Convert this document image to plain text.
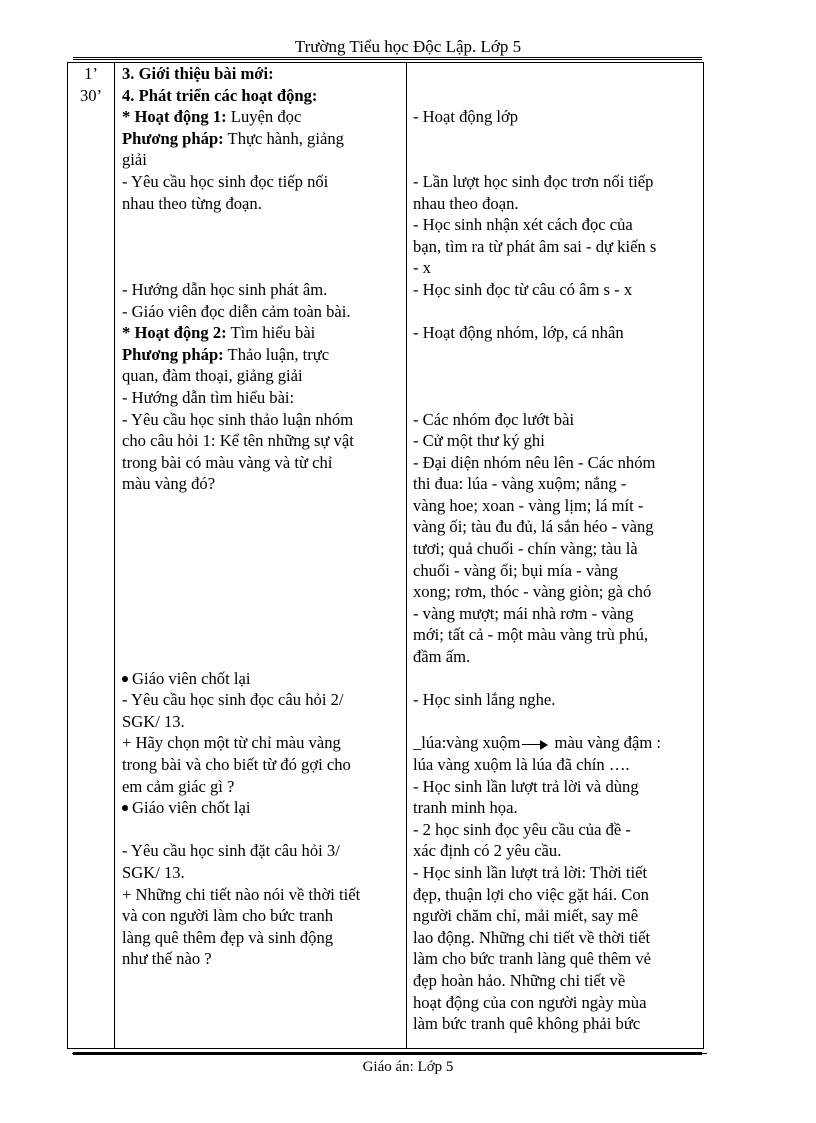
Trường Tiểu học Độc Lập. Lớp 5
1’
30’
3. Giới thiệu bài mới:
4. Phát triển các hoạt động:
* Hoạt động 1: Luyện đọc
Phương pháp: Thực hành, giảng
giải
- Yêu cầu học sinh đọc tiếp nối
nhau theo từng đoạn.
- Hướng dẫn học sinh phát âm.
- Giáo viên đọc diễn cảm toàn bài.
* Hoạt động 2: Tìm hiểu bài
Phương pháp: Thảo luận, trực
quan, đàm thoại, giảng giải
- Hướng dẫn tìm hiểu bài:
- Yêu cầu học sinh thảo luận nhóm
cho câu hỏi 1: Kể tên những sự vật
trong bài có màu vàng và từ chỉ
màu vàng đó?
Giáo viên chốt lại
- Yêu cầu học sinh đọc câu hỏi 2/
SGK/ 13.
+ Hãy chọn một từ chỉ màu vàng
trong bài và cho biết từ đó gợi cho
em cảm giác gì ?
Giáo viên chốt lại
- Yêu cầu học sinh đặt câu hỏi 3/
SGK/ 13.
+ Những chi tiết nào nói về thời tiết
và con người làm cho bức tranh
làng quê thêm đẹp và sinh động
như thế nào ?
- Hoạt động lớp
- Lần lượt học sinh đọc trơn nối tiếp
nhau theo đoạn.
- Học sinh nhận xét cách đọc của
bạn, tìm ra từ phát âm sai - dự kiến s
- x
- Học sinh đọc từ câu có âm s - x
- Hoạt động nhóm, lớp, cá nhân
- Các nhóm đọc lướt bài
- Cử một thư ký ghi
- Đại diện nhóm nêu lên - Các nhóm
thi đua: lúa - vàng xuộm; nắng -
vàng hoe; xoan - vàng lịm; lá mít -
vàng ối; tàu đu đủ, lá sắn héo - vàng
tươi; quả chuối - chín vàng; tàu là
chuối - vàng ối; bụi mía - vàng
xong; rơm, thóc - vàng giòn; gà chó
- vàng mượt; mái nhà rơm - vàng
mới; tất cả - một màu vàng trù phú,
đầm ấm.
- Học sinh lắng nghe.
_lúa:vàng xuộm màu vàng đậm :
lúa vàng xuộm là lúa đã chín ….
- Học sinh lần lượt trả lời và dùng
tranh minh họa.
- 2 học sinh đọc yêu cầu của đề -
xác định có 2 yêu cầu.
- Học sinh lần lượt trả lời: Thời tiết
đẹp, thuận lợi cho việc gặt hái. Con
người chăm chỉ, mải miết, say mê
lao động. Những chi tiết về thời tiết
làm cho bức tranh làng quê thêm vẻ
đẹp hoàn hảo. Những chi tiết về
hoạt động của con người ngày mùa
làm bức tranh quê không phải bức
Giáo án: Lớp 5
